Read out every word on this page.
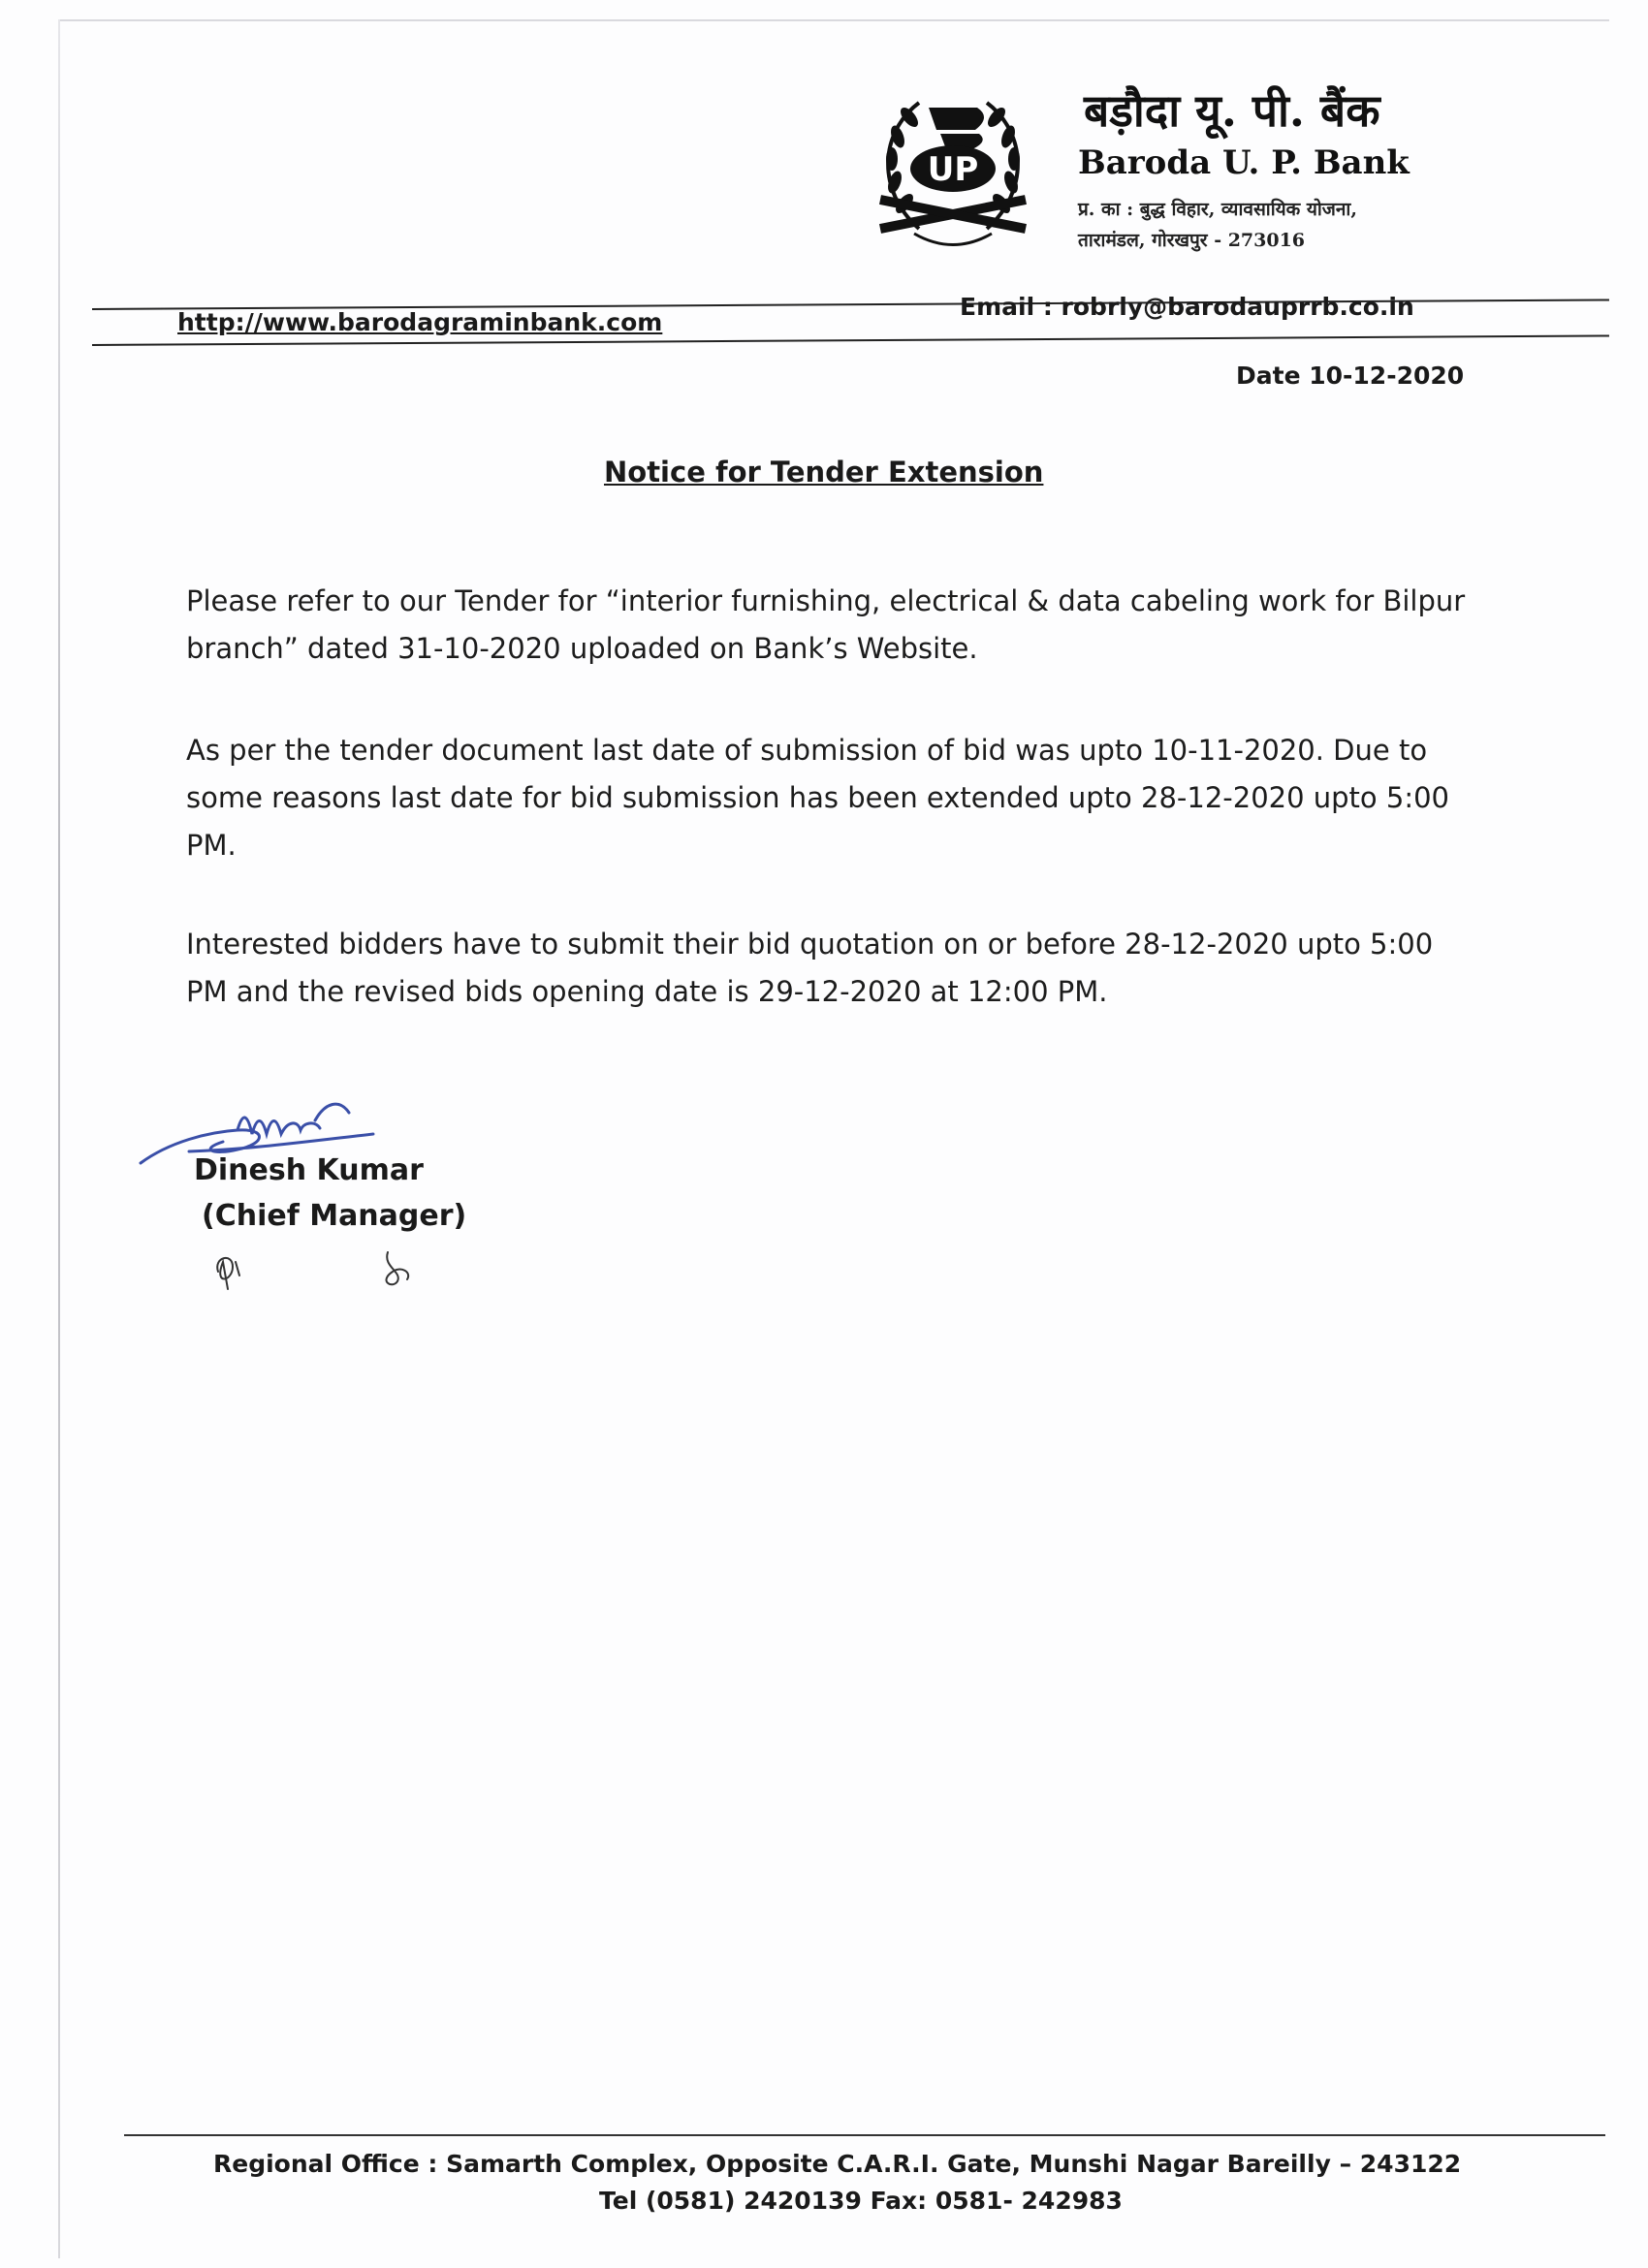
UP
बड़ौदा यू. पी. बैंक
Baroda U. P. Bank
प्र. का : बुद्ध विहार, व्यावसायिक योजना,
तारामंडल, गोरखपुर - 273016
http://www.barodagraminbank.com
Email : robrly@barodauprrb.co.in
Date 10-12-2020
Notice for Tender Extension
Please refer to our Tender for “interior furnishing, electrical & data cabeling work for Bilpur branch” dated 31-10-2020 uploaded on Bank’s Website.
As per the tender document last date of submission of bid was upto 10-11-2020. Due to some reasons last date for bid submission has been extended upto 28-12-2020 upto 5:00 PM.
Interested bidders have to submit their bid quotation on or before 28-12-2020 upto 5:00 PM and the revised bids opening date is 29-12-2020 at 12:00 PM.
Dinesh Kumar
(Chief Manager)
Regional Office : Samarth Complex, Opposite C.A.R.I. Gate, Munshi Nagar Bareilly – 243122
Tel (0581) 2420139 Fax: 0581- 242983
